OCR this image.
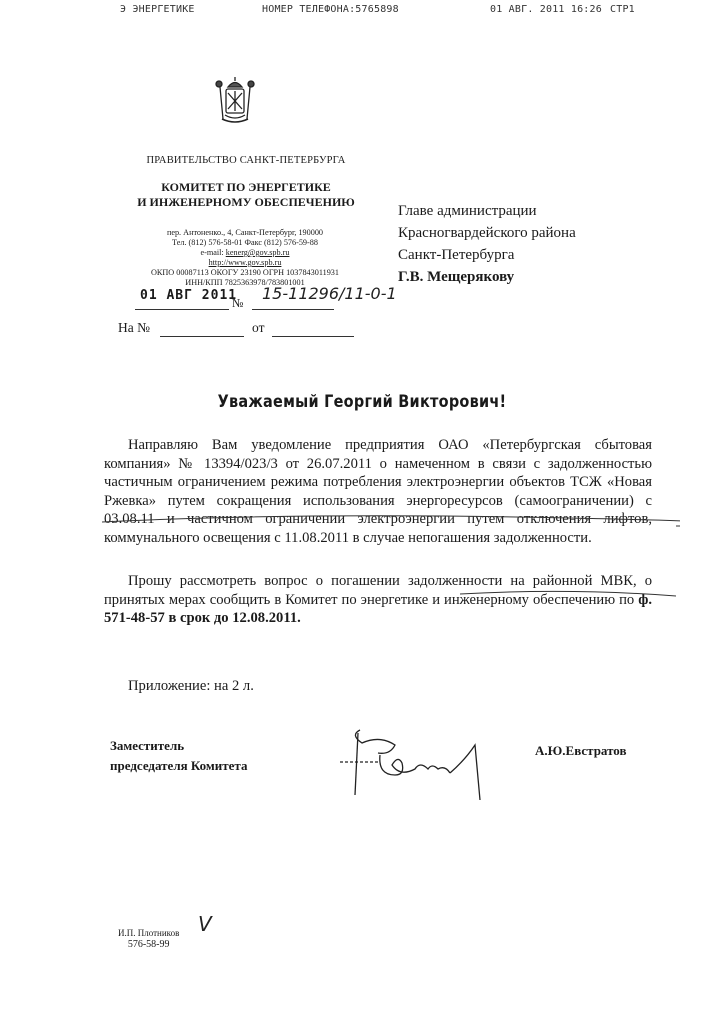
Э ЭНЕРГЕТИКЕ	НОМЕР ТЕЛЕФОНА:5765898	01 АВГ. 2011 16:26 СТР1
ПРАВИТЕЛЬСТВО САНКТ-ПЕТЕРБУРГА
КОМИТЕТ ПО ЭНЕРГЕТИКЕ
И ИНЖЕНЕРНОМУ ОБЕСПЕЧЕНИЮ
пер. Антоненко., 4, Санкт-Петербург, 190000
Тел. (812) 576-58-01 Факс (812) 576-59-88
e-mail: kenerg@gov.spb.ru
http://www.gov.spb.ru
ОКПО 00087113 ОКОГУ 23190 ОГРН 1037843011931
ИНН/КПП 7825363978/783801001
01 АВГ 2011
№ 15-11296/11-0-1
На №	от
Главе администрации
Красногвардейского района
Санкт-Петербурга
Г.В. Мещерякову
Уважаемый Георгий Викторович!
Направляю Вам уведомление предприятия ОАО «Петербургская сбытовая компания» № 13394/023/3 от 26.07.2011 о намеченном в связи с задолженностью частичным ограничением режима потребления электроэнергии объектов ТСЖ «Новая Ржевка» путем сокращения использования энергоресурсов (самоограничении) с 03.08.11 и частичном ограничении электроэнергии путем отключения лифтов, коммунального освещения с 11.08.2011 в случае непогашения задолженности.
Прошу рассмотреть вопрос о погашении задолженности на районной МВК, о принятых мерах сообщить в Комитет по энергетике и инженерному обеспечению по ф. 571-48-57 в срок до 12.08.2011.
Приложение: на 2 л.
Заместитель
председателя Комитета
А.Ю.Евстратов
И.П. Плотников
576-58-99
V
